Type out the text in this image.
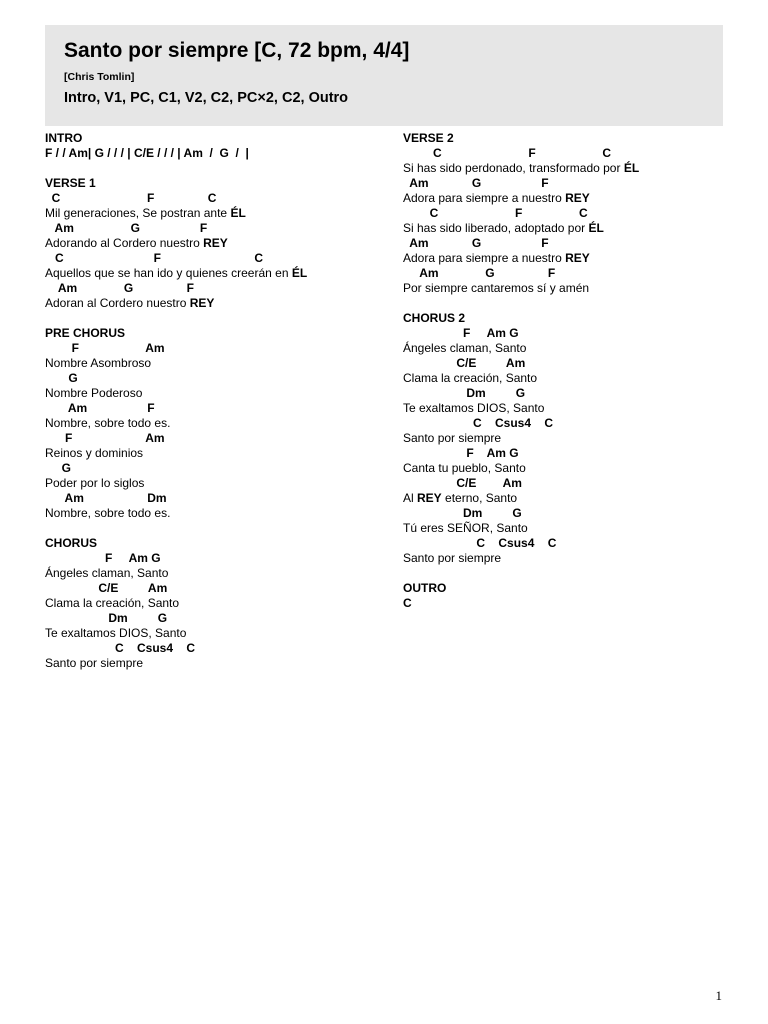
Santo por siempre [C, 72 bpm, 4/4]
[Chris Tomlin]
Intro, V1, PC, C1, V2, C2, PC×2, C2, Outro
INTRO
F / / Am| G / / / | C/E / / / | Am  /  G  /  |
VERSE 1
C                          F                C
Mil generaciones, Se postran ante ÉL
Am                 G                  F
Adorando al Cordero nuestro REY
C                           F                            C
Aquellos que se han ido y quienes creerán en ÉL
Am              G                F
Adoran al Cordero nuestro REY
PRE CHORUS
F                    Am
Nombre Asombroso
G
Nombre Poderoso
Am                  F
Nombre, sobre todo es.
F                      Am
Reinos y dominios
G
Poder por lo siglos
Am                   Dm
Nombre, sobre todo es.
CHORUS
F     Am G
Ángeles claman, Santo
C/E         Am
Clama la creación, Santo
Dm         G
Te exaltamos DIOS, Santo
C    Csus4    C
Santo por siempre
VERSE 2
C                          F                    C
Si has sido perdonado, transformado por ÉL
Am             G                  F
Adora para siempre a nuestro REY
C                       F                 C
Si has sido liberado, adoptado por ÉL
Am             G                  F
Adora para siempre a nuestro REY
Am              G                F
Por siempre cantaremos sí y amén
CHORUS 2
F     Am G
Ángeles claman, Santo
C/E         Am
Clama la creación, Santo
Dm         G
Te exaltamos DIOS, Santo
C    Csus4    C
Santo por siempre
F    Am G
Canta tu pueblo, Santo
C/E        Am
Al REY eterno, Santo
Dm         G
Tú eres SEÑOR, Santo
C    Csus4    C
Santo por siempre
OUTRO
C
1
